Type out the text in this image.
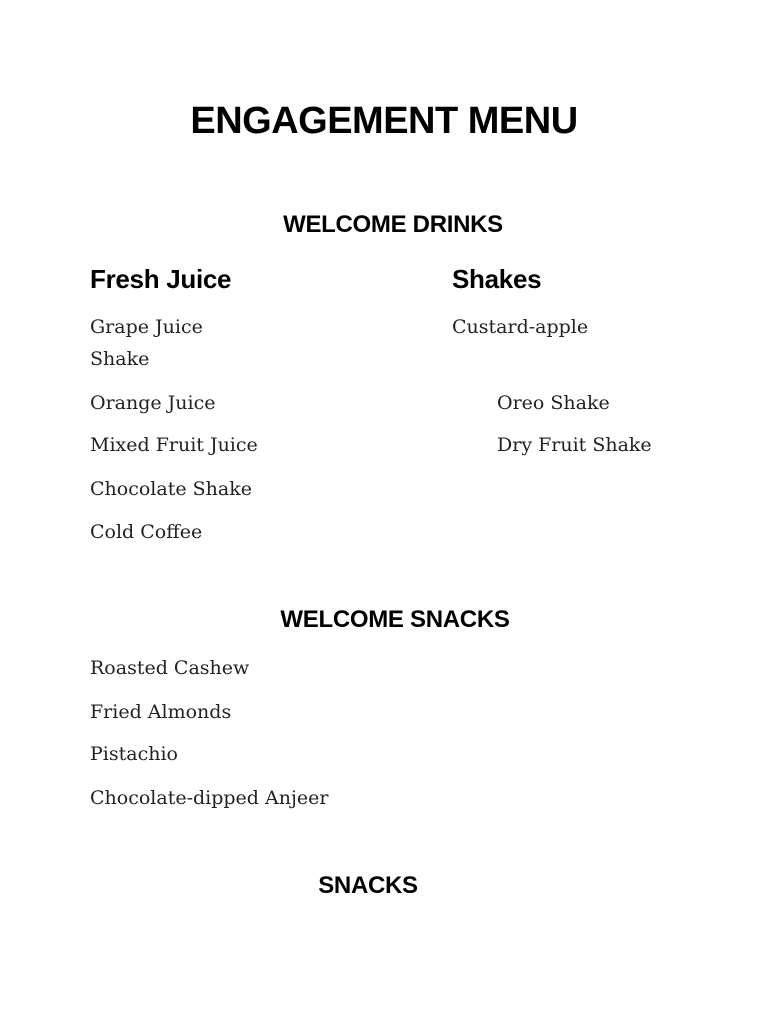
ENGAGEMENT MENU
WELCOME DRINKS
Fresh Juice	Shakes
Grape Juice	Custard-apple
Shake
Orange Juice	Oreo Shake
Mixed Fruit Juice	Dry Fruit Shake
Chocolate Shake
Cold Coffee
WELCOME SNACKS
Roasted Cashew
Fried Almonds
Pistachio
Chocolate-dipped Anjeer
SNACKS
